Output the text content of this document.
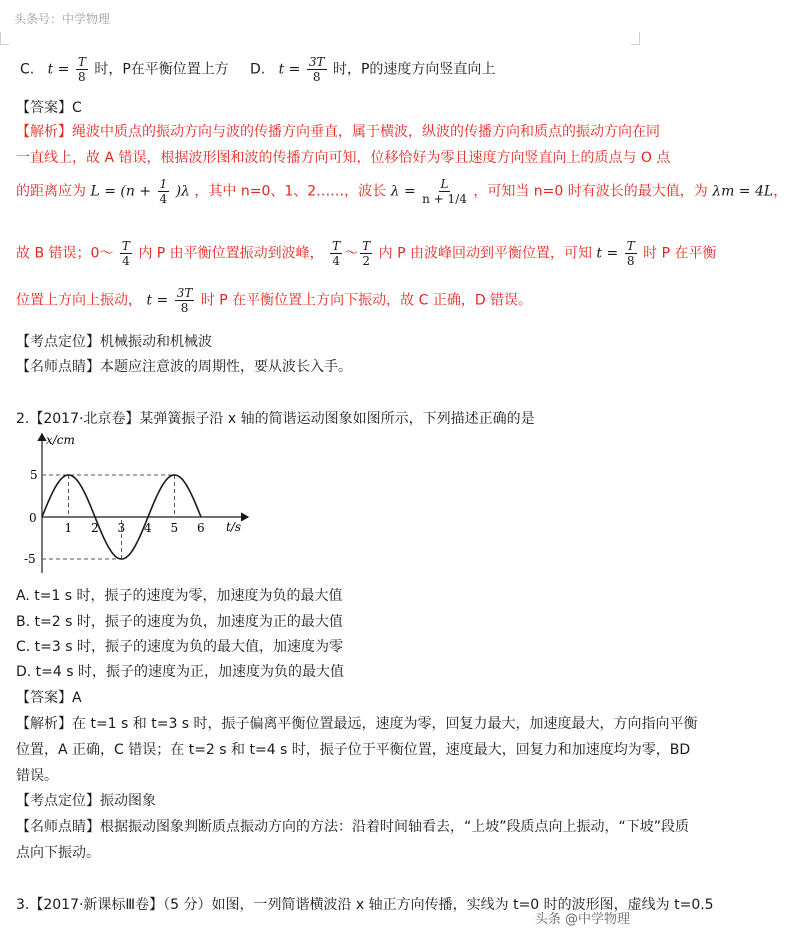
头条号：中学物理
C. $t = \frac{T}{8}$ 时，P在平衡位置上方 D. $t = \frac{3T}{8}$ 时，P的速度方向竖直向上
【答案】C
【解析】绳波中质点的振动方向与波的传播方向垂直，属于横波，纵波的传播方向和质点的振动方向在同
一直线上，故 A 错误，根据波形图和波的传播方向可知，位移恰好为零且速度方向竖直向上的质点与 O 点
的距离应为 $L = (n + \frac{1}{4} )\lambda$ ，其中 n=0、1、2……，波长 $\lambda = \frac{L}{n + 1/4}$ ，可知当 n=0 时有波长的最大值，为 λm = 4L，
故 B 错误；0～ $\frac{T}{4}$ 内 P 由平衡位置振动到波峰， $\frac{T}{4}$ ～ $\frac{T}{2}$ 内 P 由波峰回动到平衡位置，可知 $t = \frac{T}{8}$ 时 P 在平衡
位置上方向上振动， $t = \frac{3T}{8}$ 时 P 在平衡位置上方向下振动，故 C 正确，D 错误。
【考点定位】机械振动和机械波
【名师点睛】本题应注意波的周期性，要从波长入手。
2.【2017·北京卷】某弹簧振子沿 x 轴的简谐运动图象如图所示，下列描述正确的是
1 2 3 4 5 6
5
-5
x/cm
t/s
0
A. t=1 s 时，振子的速度为零，加速度为负的最大值
B. t=2 s 时，振子的速度为负，加速度为正的最大值
C. t=3 s 时，振子的速度为负的最大值，加速度为零
D. t=4 s 时，振子的速度为正，加速度为负的最大值
【答案】A
【解析】在 t=1 s 和 t=3 s 时，振子偏离平衡位置最远，速度为零，回复力最大，加速度最大，方向指向平衡
位置，A 正确，C 错误；在 t=2 s 和 t=4 s 时，振子位于平衡位置，速度最大，回复力和加速度均为零，BD
错误。
【考点定位】振动图象
【名师点睛】根据振动图象判断质点振动方向的方法：沿着时间轴看去，“上坡”段质点向上振动，“下坡”段质
点向下振动。
3.【2017·新课标Ⅲ卷】（5 分）如图，一列简谐横波沿 x 轴正方向传播，实线为 t=0 时的波形图，虚线为 t=0.5
头条 @中学物理
